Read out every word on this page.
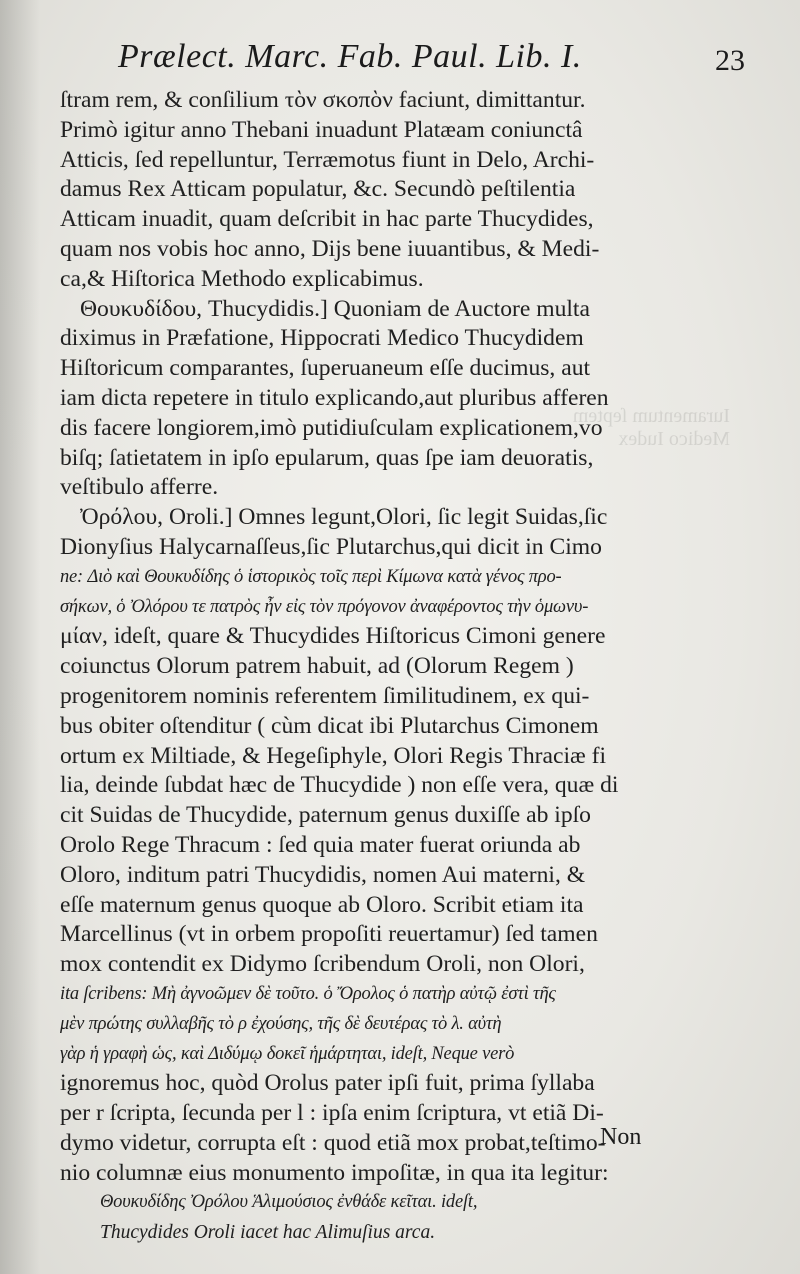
Prælect. Marc. Fab. Paul. Lib. I.	23
Iuramentum ſeptem
Medico Iudex
ſtram rem, & conſilium τὸν σκοπὸν faciunt, dimittantur.
Primò igitur anno Thebani inuadunt Platæam coniunctâ
Atticis, ſed repelluntur, Terræmotus fiunt in Delo, Archi-
damus Rex Atticam populatur, &c. Secundò peſtilentia
Atticam inuadit, quam deſcribit in hac parte Thucydides,
quam nos vobis hoc anno, Dijs bene iuuantibus, & Medi-
ca,& Hiſtorica Methodo explicabimus.
Θουκυδίδου, Thucydidis.] Quoniam de Auctore multa
diximus in Præfatione, Hippocrati Medico Thucydidem
Hiſtoricum comparantes, ſuperuaneum eſſe ducimus, aut
iam dicta repetere in titulo explicando,aut pluribus afferen
dis facere longiorem,imò putidiuſculam explicationem,vo
biſq; ſatietatem in ipſo epularum, quas ſpe iam deuoratis,
veſtibulo afferre.
Ὀρόλου, Oroli.] Omnes legunt,Olori, ſic legit Suidas,ſic
Dionyſius Halycarnaſſeus,ſic Plutarchus,qui dicit in Cimo
ne: Διὸ καὶ Θουκυδίδης ὁ ἱστορικὸς τοῖς περὶ Κίμωνα κατὰ γένος προ-
σήκων, ὁ Ὀλόρου τε πατρὸς ἦν εἰς τὸν πρόγονον ἀναφέροντος τὴν ὁμωνυ-
μίαν, ideſt, quare & Thucydides Hiſtoricus Cimoni genere
coiunctus Olorum patrem habuit, ad (Olorum Regem )
progenitorem nominis referentem ſimilitudinem, ex qui-
bus obiter oſtenditur ( cùm dicat ibi Plutarchus Cimonem
ortum ex Miltiade, & Hegeſiphyle, Olori Regis Thraciæ fi
lia, deinde ſubdat hæc de Thucydide ) non eſſe vera, quæ di
cit Suidas de Thucydide, paternum genus duxiſſe ab ipſo
Orolo Rege Thracum : ſed quia mater fuerat oriunda ab
Oloro, inditum patri Thucydidis, nomen Aui materni, &
eſſe maternum genus quoque ab Oloro. Scribit etiam ita
Marcellinus (vt in orbem propoſiti reuertamur) ſed tamen
mox contendit ex Didymo ſcribendum Oroli, non Olori,
ita ſcribens: Μὴ ἀγνοῶμεν δὲ τοῦτο. ὁ Ὄρολος ὁ πατὴρ αὐτῷ ἐστὶ τῆς
μὲν πρώτης συλλαβῆς τὸ ρ ἐχούσης, τῆς δὲ δευτέρας τὸ λ. αὐτὴ
γὰρ ἡ γραφὴ ὡς, καὶ Διδύμῳ δοκεῖ ἡμάρτηται, ideſt, Neque verò
ignoremus hoc, quòd Orolus pater ipſi fuit, prima ſyllaba
per r ſcripta, ſecunda per l : ipſa enim ſcriptura, vt etiã Di-
dymo videtur, corrupta eſt : quod etiã mox probat,teſtimo-
nio columnæ eius monumento impoſitæ, in qua ita legitur:
Θουκυδίδης Ὀρόλου Ἁλιμούσιος ἐνθάδε κεῖται. ideſt,
Thucydides Oroli iacet hac Alimuſius arca.
Non
